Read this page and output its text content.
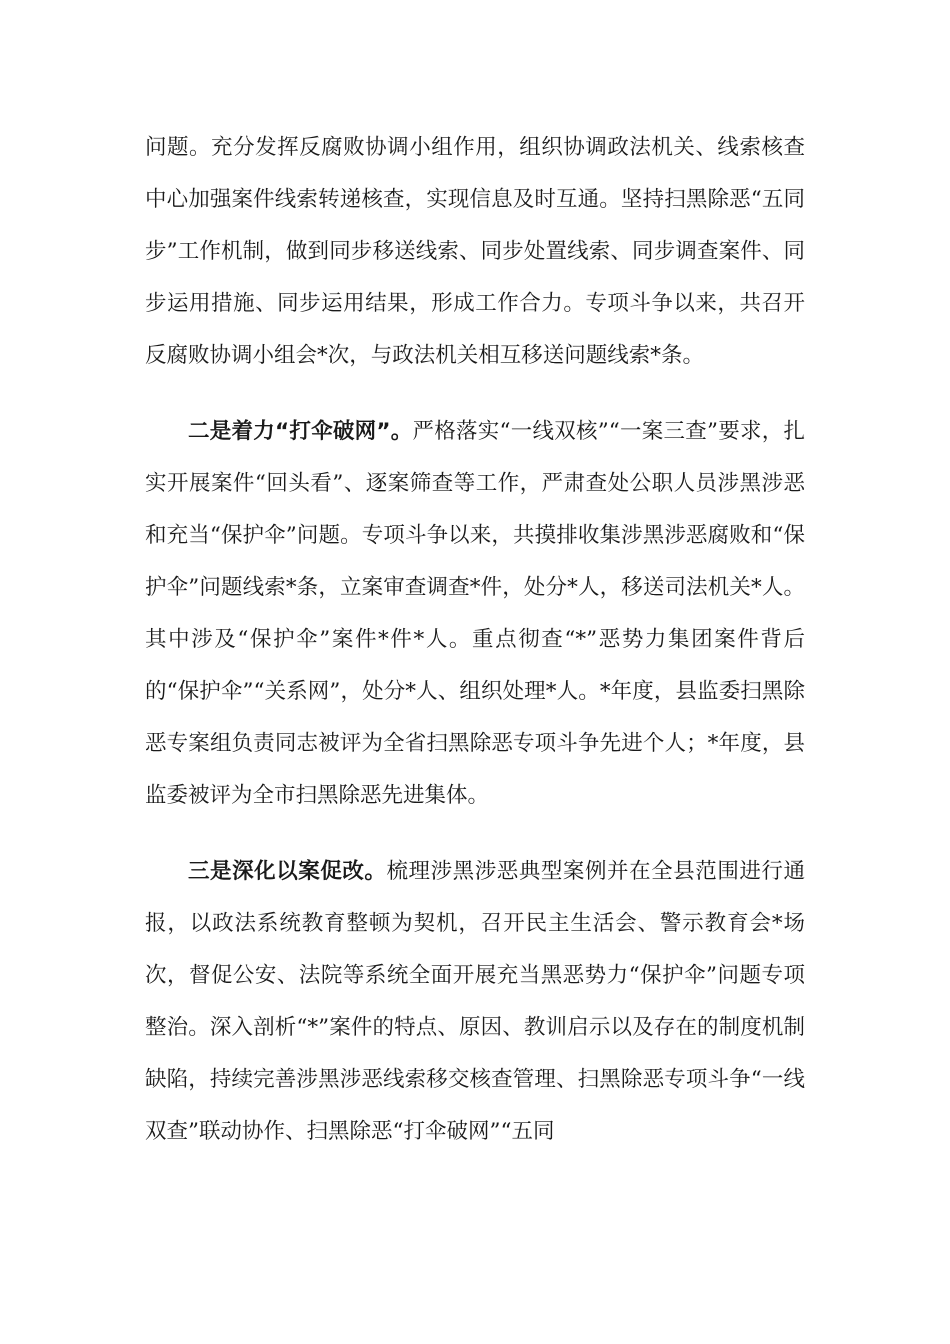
问题。充分发挥反腐败协调小组作用，组织协调政法机关、线索核查中心加强案件线索转递核查，实现信息及时互通。坚持扫黑除恶“五同步”工作机制，做到同步移送线索、同步处置线索、同步调查案件、同步运用措施、同步运用结果，形成工作合力。专项斗争以来，共召开反腐败协调小组会*次，与政法机关相互移送问题线索*条。

二是着力“打伞破网”。严格落实“一线双核”“一案三查”要求，扎实开展案件“回头看”、逐案筛查等工作，严肃查处公职人员涉黑涉恶和充当“保护伞”问题。专项斗争以来，共摸排收集涉黑涉恶腐败和“保护伞”问题线索*条，立案审查调查*件，处分*人，移送司法机关*人。其中涉及“保护伞”案件*件*人。重点彻查“*”恶势力集团案件背后的“保护伞”“关系网”，处分*人、组织处理*人。*年度，县监委扫黑除恶专案组负责同志被评为全省扫黑除恶专项斗争先进个人；*年度，县监委被评为全市扫黑除恶先进集体。

三是深化以案促改。梳理涉黑涉恶典型案例并在全县范围进行通报，以政法系统教育整顿为契机，召开民主生活会、警示教育会*场次，督促公安、法院等系统全面开展充当黑恶势力“保护伞”问题专项整治。深入剖析“*”案件的特点、原因、教训启示以及存在的制度机制缺陷，持续完善涉黑涉恶线索移交核查管理、扫黑除恶专项斗争“一线双查”联动协作、扫黑除恶“打伞破网”“五同
